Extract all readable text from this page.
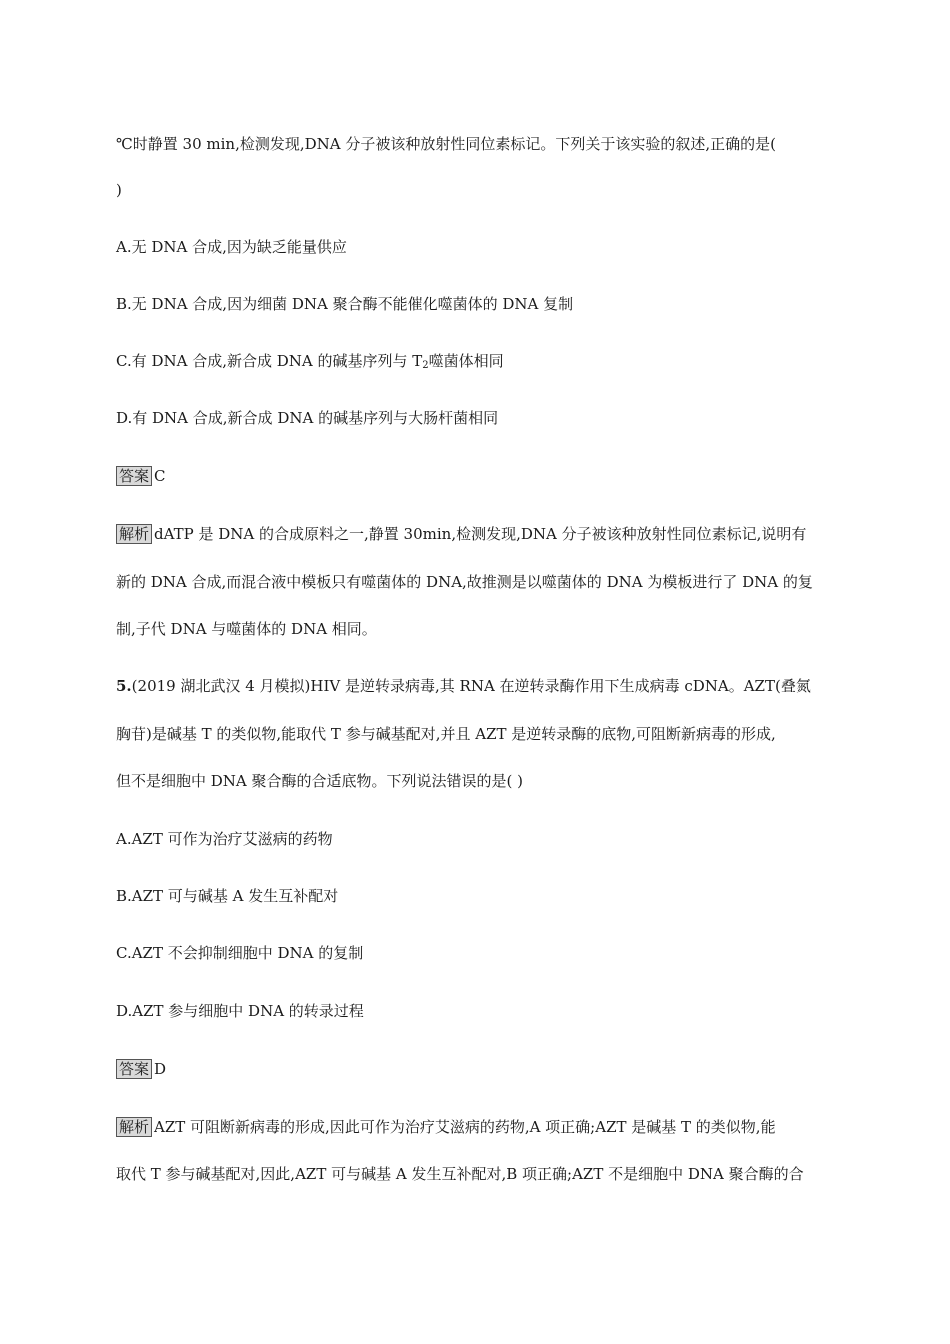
℃时静置 30 min,检测发现,DNA 分子被该种放射性同位素标记。下列关于该实验的叙述,正确的是(
)
A.无 DNA 合成,因为缺乏能量供应
B.无 DNA 合成,因为细菌 DNA 聚合酶不能催化噬菌体的 DNA 复制
C.有 DNA 合成,新合成 DNA 的碱基序列与 $T_2$噬菌体相同
D.有 DNA 合成,新合成 DNA 的碱基序列与大肠杆菌相同
答案 C
解析 dATP 是 DNA 的合成原料之一,静置 30min,检测发现,DNA 分子被该种放射性同位素标记,说明有
新的 DNA 合成,而混合液中模板只有噬菌体的 DNA,故推测是以噬菌体的 DNA 为模板进行了 DNA 的复
制,子代 DNA 与噬菌体的 DNA 相同。
5.(2019 湖北武汉 4 月模拟)HIV 是逆转录病毒,其 RNA 在逆转录酶作用下生成病毒 cDNA。AZT(叠氮
胸苷)是碱基 T 的类似物,能取代 T 参与碱基配对,并且 AZT 是逆转录酶的底物,可阻断新病毒的形成,
但不是细胞中 DNA 聚合酶的合适底物。下列说法错误的是( )
A.AZT 可作为治疗艾滋病的药物
B.AZT 可与碱基 A 发生互补配对
C.AZT 不会抑制细胞中 DNA 的复制
D.AZT 参与细胞中 DNA 的转录过程
答案 D
解析 AZT 可阻断新病毒的形成,因此可作为治疗艾滋病的药物,A 项正确;AZT 是碱基 T 的类似物,能
取代 T 参与碱基配对,因此,AZT 可与碱基 A 发生互补配对,B 项正确;AZT 不是细胞中 DNA 聚合酶的合
